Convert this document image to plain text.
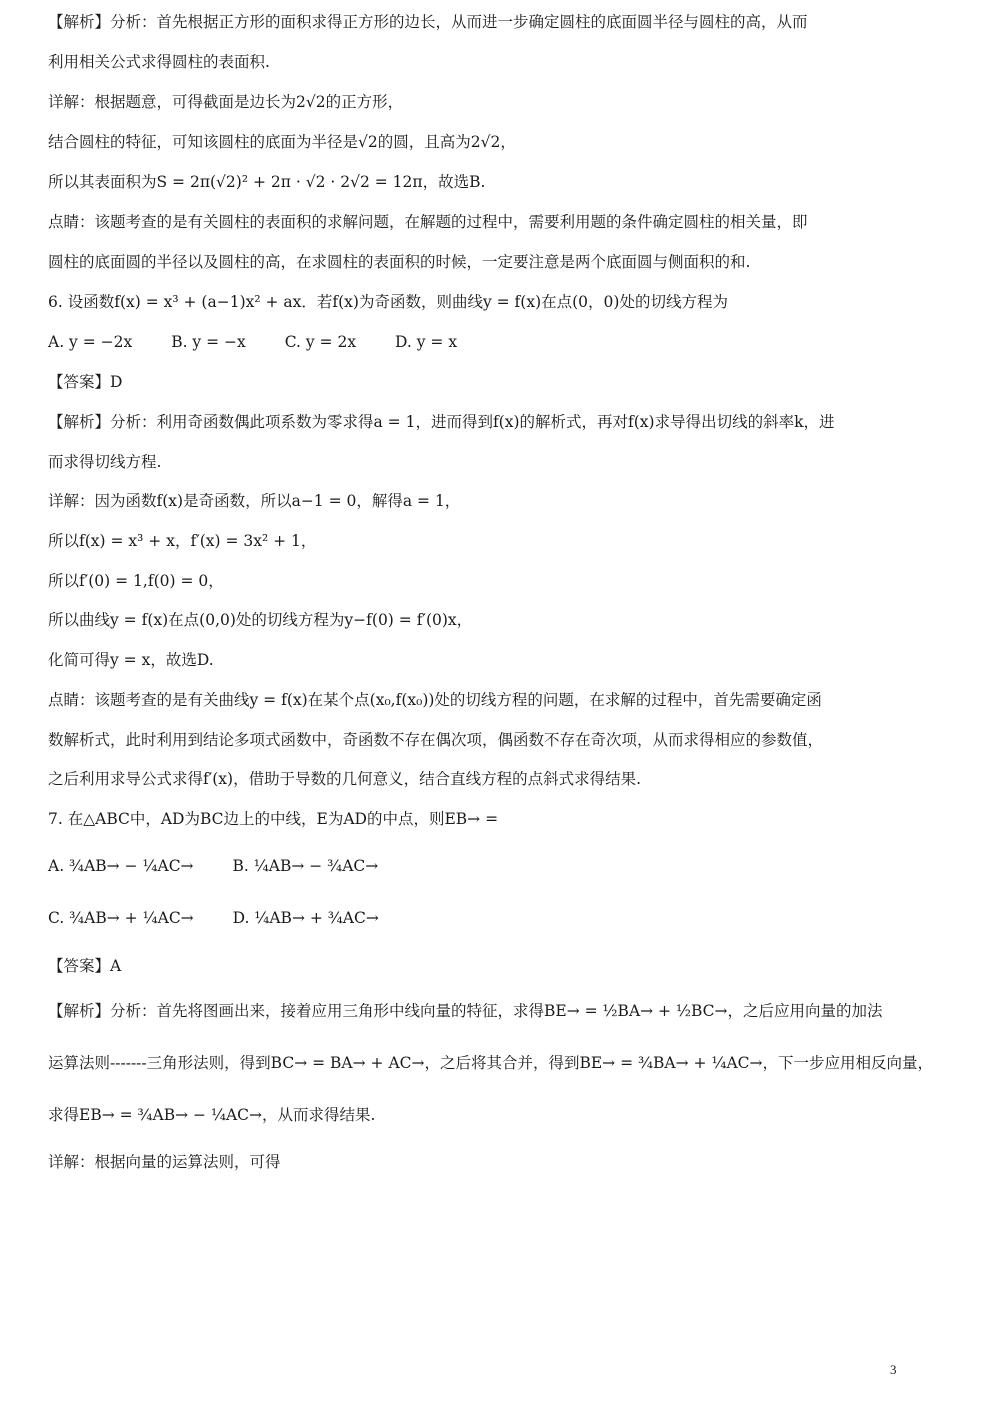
【解析】分析：首先根据正方形的面积求得正方形的边长，从而进一步确定圆柱的底面圆半径与圆柱的高，从而
利用相关公式求得圆柱的表面积.
详解：根据题意，可得截面是边长为2√2的正方形，
结合圆柱的特征，可知该圆柱的底面为半径是√2的圆，且高为2√2，
所以其表面积为S = 2π(√2)² + 2π · √2 · 2√2 = 12π，故选B.
点睛：该题考查的是有关圆柱的表面积的求解问题，在解题的过程中，需要利用题的条件确定圆柱的相关量，即
圆柱的底面圆的半径以及圆柱的高，在求圆柱的表面积的时候，一定要注意是两个底面圆与侧面积的和.
6. 设函数f(x) = x³ + (a−1)x² + ax．若f(x)为奇函数，则曲线y = f(x)在点(0，0)处的切线方程为
A. y = −2x	B. y = −x	C. y = 2x	D. y = x
【答案】D
【解析】分析：利用奇函数偶此项系数为零求得a = 1，进而得到f(x)的解析式，再对f(x)求导得出切线的斜率k，进
而求得切线方程.
详解：因为函数f(x)是奇函数，所以a−1 = 0，解得a = 1，
所以f(x) = x³ + x，f′(x) = 3x² + 1，
所以f′(0) = 1,f(0) = 0，
所以曲线y = f(x)在点(0,0)处的切线方程为y−f(0) = f′(0)x，
化简可得y = x，故选D.
点睛：该题考查的是有关曲线y = f(x)在某个点(x₀,f(x₀))处的切线方程的问题，在求解的过程中，首先需要确定函
数解析式，此时利用到结论多项式函数中，奇函数不存在偶次项，偶函数不存在奇次项，从而求得相应的参数值，
之后利用求导公式求得f′(x)，借助于导数的几何意义，结合直线方程的点斜式求得结果.
7. 在△ABC中，AD为BC边上的中线，E为AD的中点，则EB→ =
A. ¾AB→ − ¼AC→	B. ¼AB→ − ¾AC→
C. ¾AB→ + ¼AC→	D. ¼AB→ + ¾AC→
【答案】A
【解析】分析：首先将图画出来，接着应用三角形中线向量的特征，求得BE→ = ½BA→ + ½BC→，之后应用向量的加法
运算法则-------三角形法则，得到BC→ = BA→ + AC→，之后将其合并，得到BE→ = ¾BA→ + ¼AC→，下一步应用相反向量，
求得EB→ = ¾AB→ − ¼AC→，从而求得结果.
详解：根据向量的运算法则，可得
3
